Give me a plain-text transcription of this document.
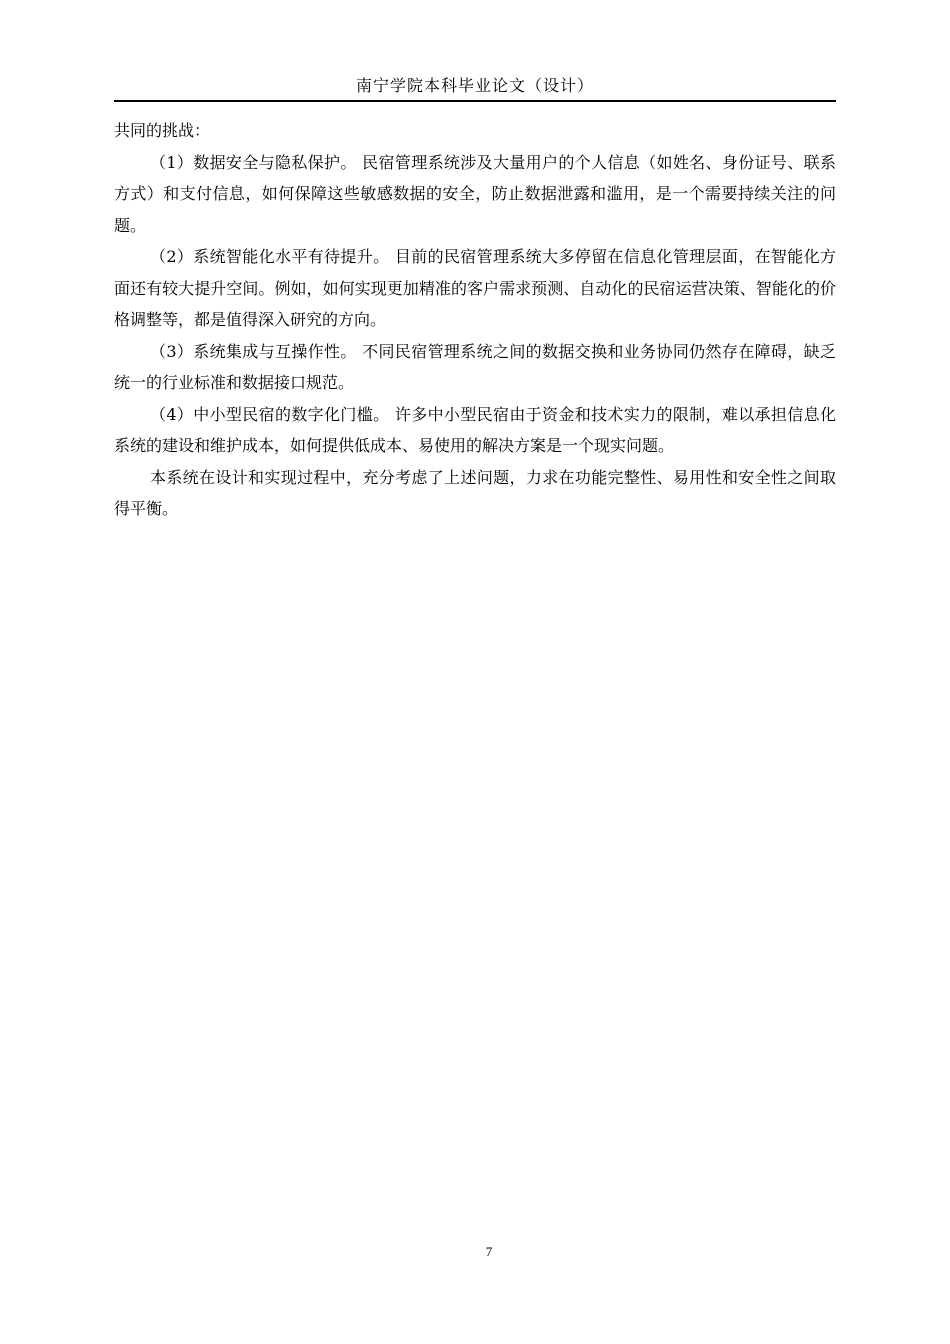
南宁学院本科毕业论文（设计）

共同的挑战：

（1）数据安全与隐私保护。 民宿管理系统涉及大量用户的个人信息（如姓名、身份证号、联系方式）和支付信息，如何保障这些敏感数据的安全，防止数据泄露和滥用，是一个需要持续关注的问题。

（2）系统智能化水平有待提升。 目前的民宿管理系统大多停留在信息化管理层面，在智能化方面还有较大提升空间。例如，如何实现更加精准的客户需求预测、自动化的民宿运营决策、智能化的价格调整等，都是值得深入研究的方向。

（3）系统集成与互操作性。 不同民宿管理系统之间的数据交换和业务协同仍然存在障碍，缺乏统一的行业标准和数据接口规范。

（4）中小型民宿的数字化门槛。 许多中小型民宿由于资金和技术实力的限制，难以承担信息化系统的建设和维护成本，如何提供低成本、易使用的解决方案是一个现实问题。

本系统在设计和实现过程中，充分考虑了上述问题，力求在功能完整性、易用性和安全性之间取得平衡。

7
